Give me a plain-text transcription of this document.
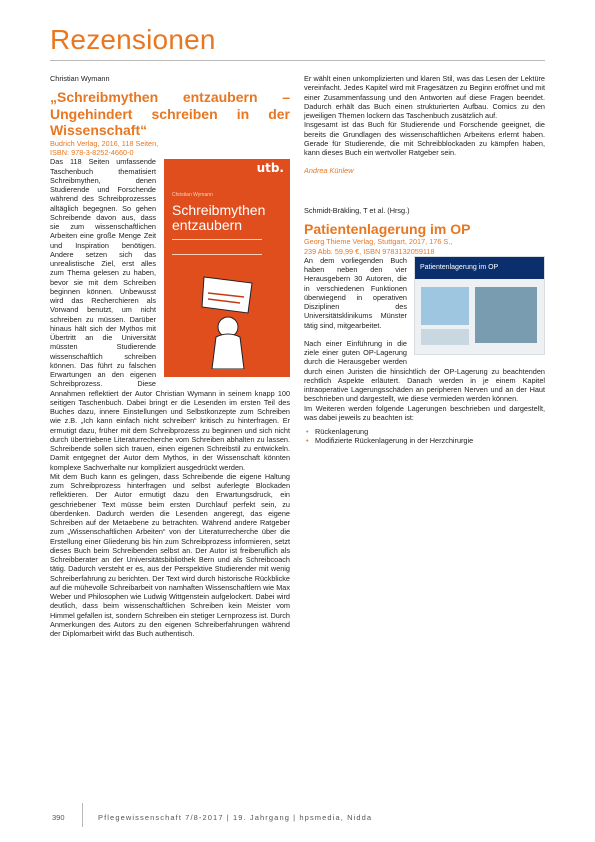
Rezensionen

Christian Wymann

„Schreibmythen entzaubern – Ungehindert schreiben in der Wissenschaft“

Budrich Verlag, 2016, 118 Seiten,
ISBN: 978-3-8252-4660-0

utb.
Christian Wymann
Schreibmythen entzaubern

Das 118 Seiten umfassende Taschenbuch thematisiert Schreibmythen, denen Studierende und Forschende während des Schreibprozesses alltäglich begegnen. So gehen Schreibende davon aus, dass sie zum wissenschaftlichen Arbeiten eine große Menge Zeit und Inspiration benötigen. Andere setzen sich das unrealistische Ziel, erst alles zum Thema gelesen zu haben, bevor sie mit dem Schreiben beginnen können. Unbewusst wird das Recherchieren als Vorwand benutzt, um nicht schreiben zu müssen. Darüber hinaus hält sich der Mythos mit Übertritt an die Universität müssten Studierende wissenschaftlich schreiben können. Das führt zu falschen Erwartungen an den eigenen Schreibprozess. Diese Annahmen reflektiert der Autor Christian Wymann in seinem knapp 100 seitigen Taschenbuch. Dabei bringt er die Lesenden im ersten Teil des Buches dazu, innere Einstellungen und Selbstkonzepte zum Schreiben wie z.B. „Ich kann einfach nicht schreiben“ kritisch zu hinterfragen. Er ermutigt dazu, früher mit dem Schreibprozess zu beginnen und sich nicht durch übertriebene Literaturrecherche vom Schreiben abhalten zu lassen. Schreibende sollen sich trauen, einen eigenen Schreibstil zu entwickeln. Damit entgegnet der Autor dem Mythos, in der Wissenschaft könnten komplexe Sachverhalte nur kompliziert ausgedrückt werden.

Mit dem Buch kann es gelingen, dass Schreibende die eigene Haltung zum Schreibprozess hinterfragen und selbst auferlegte Blockaden reflektieren. Der Autor ermutigt dazu den Erwartungsdruck, ein geschriebener Text müsse beim ersten Durchlauf perfekt sein, zu überdenken. Dadurch werden die Lesenden angeregt, das eigene Schreiben auf der Metaebene zu betrachten. Während andere Ratgeber zum „Wissenschaftlichen Arbeiten“ von der Literaturrecherche über die Erstellung einer Gliederung bis hin zum Schreibprozess informieren, setzt dieses Buch beim Schreibenden selbst an. Der Autor ist freiberuflich als Schreibberater an der Universitätsbibliothek Bern und als Schreibcoach tätig. Dadurch versteht er es, aus der Perspektive Studierender mit wenig Schreiberfahrung zu berichten. Der Text wird durch historische Rückblicke auf die mühevolle Schreibarbeit von namhaften Wissenschaftlern wie Max Weber und Philosophen wie Ludwig Wittgenstein aufgelockert. Dabei wird deutlich, dass beim wissenschaftlichen Schreiben kein Meister vom Himmel gefallen ist, sondern Schreiben ein stetiger Lernprozess ist. Durch Anmerkungen des Autors zu den eigenen Schreiberfahrungen während der Diplomarbeit wirkt das Buch authentisch.

Er wählt einen unkomplizierten und klaren Stil, was das Lesen der Lektüre vereinfacht. Jedes Kapitel wird mit Fragesätzen zu Beginn eröffnet und mit einer Zusammenfassung und den Antworten auf diese Fragen beendet. Dadurch erhält das Buch einen strukturierten Aufbau. Comics zu den jeweiligen Themen lockern das Taschenbuch zusätzlich auf.

Insgesamt ist das Buch für Studierende und Forschende geeignet, die bereits die Grundlagen des wissenschaftlichen Arbeitens erlernt haben. Gerade für Studierende, die mit Schreibblockaden zu kämpfen haben, kann dieses Buch ein wertvoller Ratgeber sein.

Andrea Künlew

Schmidt-Bräkling, T et al. (Hrsg.)

Patientenlagerung im OP

Georg Thieme Verlag, Stuttgart, 2017, 176 S.,
239 Abb. 59,99 €, ISBN 9783132059118

Patientenlagerung im OP

An dem vorliegenden Buch haben neben den vier Herausgebern 30 Autoren, die in verschiedenen Funktionen überwiegend in operativen Disziplinen des Universitätsklinikums Münster tätig sind, mitgearbeitet.

Nach einer Einführung in die ziele einer guten OP-Lagerung durch die Herausgeber werden durch einen Juristen die hinsichtlich der OP-Lagerung zu beachtenden rechtlich Aspekte erläutert. Danach werden in je einem Kapitel intraoperative Lagerungsschäden an peripheren Nerven und an der Haut beschrieben und dargestellt, wie diese vermieden werden können.

Im Weiteren werden folgende Lagerungen beschrieben und dargestellt, was dabei jeweils zu beachten ist:

• Rückenlagerung
• Modifizierte Rückenlagerung in der Herzchirurgie
390	Pflegewissenschaft 7/8-2017 | 19. Jahrgang | hpsmedia, Nidda
